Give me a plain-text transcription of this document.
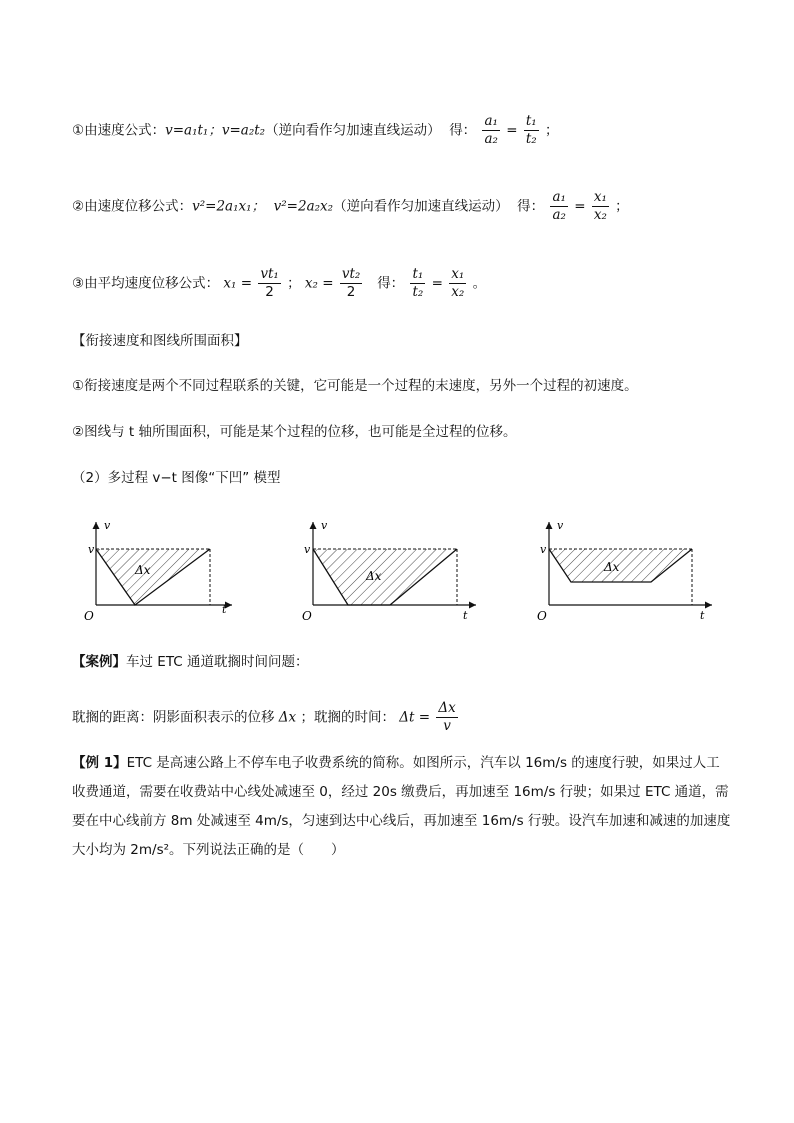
①由速度公式：v=a₁t₁；v=a₂t₂（逆向看作匀加速直线运动） 得： $\frac{\text{a₁}}{\text{a₂}} = \frac{\text{t₁}}{\text{t₂}}$ ；
②由速度位移公式：v²=2a₁x₁； v²=2a₂x₂（逆向看作匀加速直线运动） 得： $\frac{\text{a₁}}{\text{a₂}} = \frac{\text{x₁}}{\text{x₂}}$ ；
③由平均速度位移公式： $x_1 = \frac{\text{vt₁}}{2}$ ； $x_2 = \frac{\text{vt₂}}{2}$ 得： $\frac{\text{t₁}}{\text{t₂}} = \frac{\text{x₁}}{\text{x₂}}$ 。
【衔接速度和图线所围面积】
①衔接速度是两个不同过程联系的关键，它可能是一个过程的末速度，另外一个过程的初速度。
②图线与 t 轴所围面积，可能是某个过程的位移，也可能是全过程的位移。
（2）多过程 v−t 图像“下凹” 模型
v
v
t
O
Δx
v
v
t
O
Δx
v
v
t
O
Δx
【案例】车过 ETC 通道耽搁时间问题：
耽搁的距离：阴影面积表示的位移 Δx ；耽搁的时间： $\Delta t = \frac{\Delta x}{v}$
【例 1】ETC 是高速公路上不停车电子收费系统的简称。如图所示，汽车以 16m/s 的速度行驶，如果过人工
收费通道，需要在收费站中心线处减速至 0，经过 20s 缴费后，再加速至 16m/s 行驶；如果过 ETC 通道，需
要在中心线前方 8m 处减速至 4m/s，匀速到达中心线后，再加速至 16m/s 行驶。设汽车加速和减速的加速度
大小均为 2m/s²。下列说法正确的是（　　）
